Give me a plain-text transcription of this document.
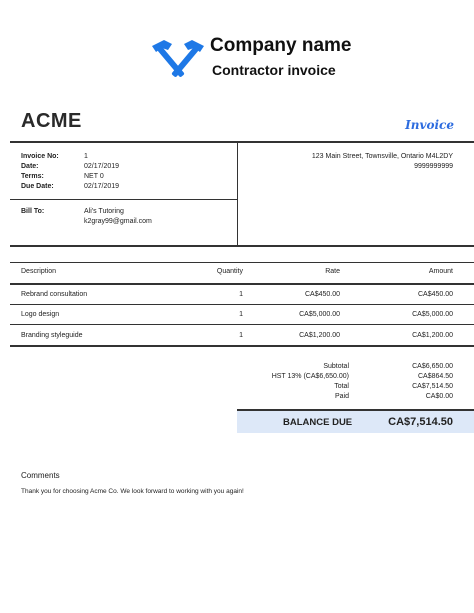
Company name
Contractor invoice
ACME	Invoice
Invoice No:	1
Date:	02/17/2019
Terms:	NET 0
Due Date:	02/17/2019
123 Main Street, Townsville, Ontario M4L2DY
9999999999
Bill To:	Ali's Tutoring
k2gray99@gmail.com
Description	Quantity	Rate	Amount
Rebrand consultation	1	CA$450.00	CA$450.00
Logo design	1	CA$5,000.00	CA$5,000.00
Branding styleguide	1	CA$1,200.00	CA$1,200.00
Subtotal	CA$6,650.00
HST 13% (CA$6,650.00)	CA$864.50
Total	CA$7,514.50
Paid	CA$0.00
BALANCE DUE	CA$7,514.50
Comments
Thank you for choosing Acme Co. We look forward to working with you again!
